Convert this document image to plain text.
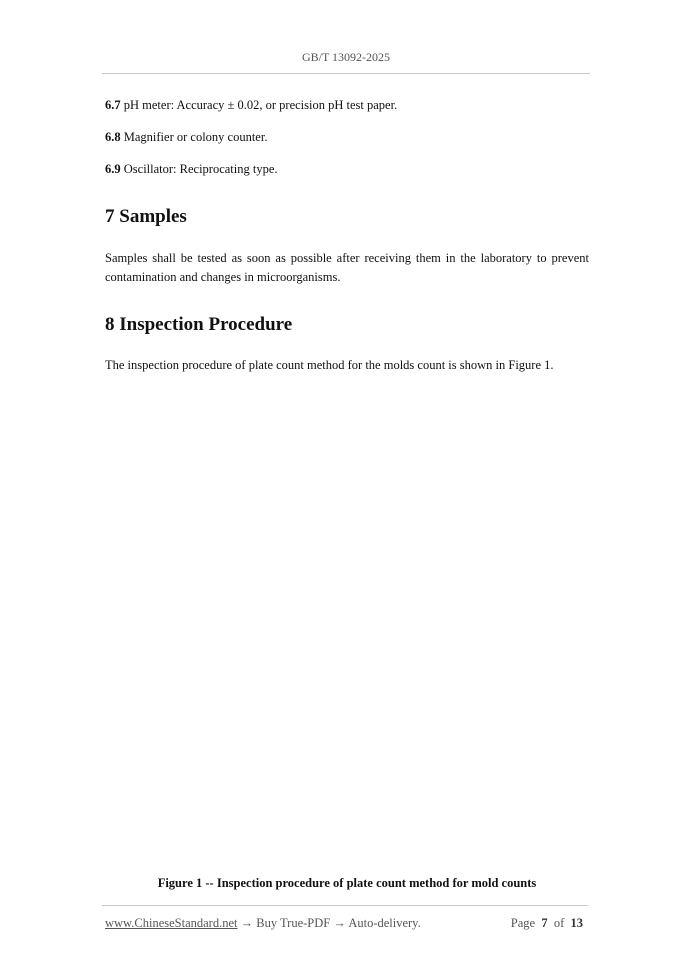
GB/T 13092-2025
6.7 pH meter: Accuracy ± 0.02, or precision pH test paper.
6.8 Magnifier or colony counter.
6.9 Oscillator: Reciprocating type.
7 Samples
Samples shall be tested as soon as possible after receiving them in the laboratory to prevent contamination and changes in microorganisms.
8 Inspection Procedure
The inspection procedure of plate count method for the molds count is shown in Figure 1.
Figure 1 -- Inspection procedure of plate count method for mold counts
www.ChineseStandard.net → Buy True-PDF → Auto-delivery.	Page 7 of 13
